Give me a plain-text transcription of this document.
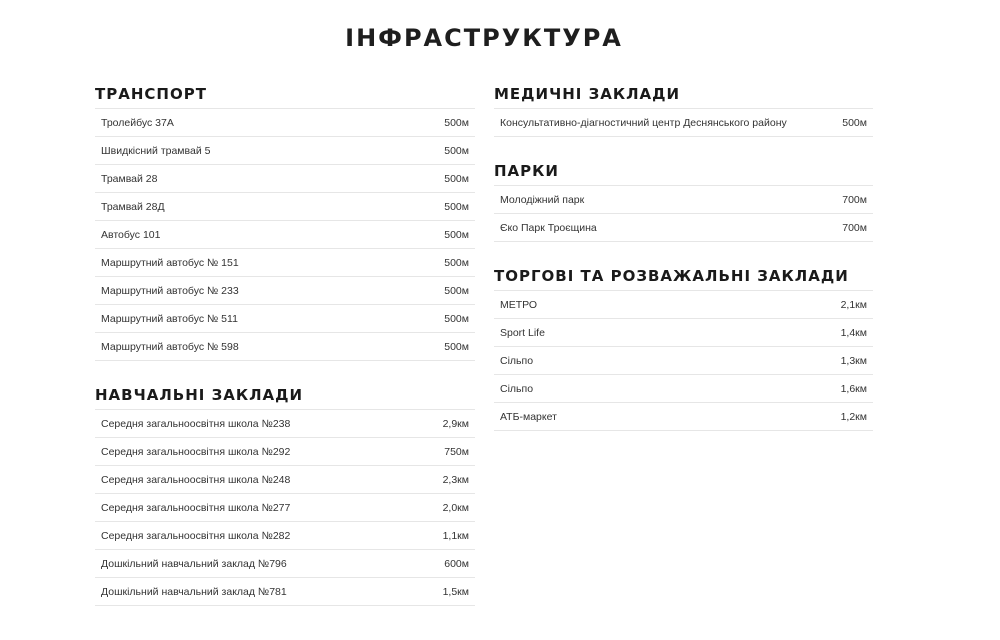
ІНФРАСТРУКТУРА
ТРАНСПОРТ
Тролейбус 37А	500м
Швидкісний трамвай 5	500м
Трамвай 28	500м
Трамвай 28Д	500м
Автобус 101	500м
Маршрутний автобус № 151	500м
Маршрутний автобус № 233	500м
Маршрутний автобус № 511	500м
Маршрутний автобус № 598	500м
НАВЧАЛЬНІ ЗАКЛАДИ
Середня загальноосвітня школа №238	2,9км
Середня загальноосвітня школа №292	750м
Середня загальноосвітня школа №248	2,3км
Середня загальноосвітня школа №277	2,0км
Середня загальноосвітня школа №282	1,1км
Дошкільний навчальний заклад №796	600м
Дошкільний навчальний заклад №781	1,5км
МЕДИЧНІ ЗАКЛАДИ
Консультативно-діагностичний центр Деснянського району	500м
ПАРКИ
Молодіжний парк	700м
Єко Парк Троєщина	700м
ТОРГОВІ ТА РОЗВАЖАЛЬНІ ЗАКЛАДИ
МЕТРО	2,1км
Sport Life	1,4км
Сільпо	1,3км
Сільпо	1,6км
АТБ-маркет	1,2км
